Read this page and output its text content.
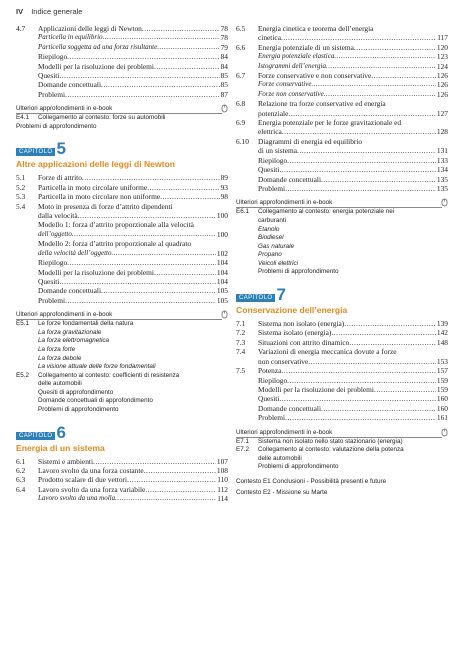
IV Indice generale
4.7	Applicazioni delle leggi di Newton .....	78
Particella in equilibrio .....	78
Particella soggetta ad una forza risultante .....	79
Riepilogo .....	84
Modelli per la risoluzione dei problemi .....	84
Quesiti .....	85
Domande concettuali .....	85
Problemi .....	87
Ulteriori approfondimenti in e-book
E4.1 Collegamento al contesto: forze su automobili
Problemi di approfondimento
CAPITOLO 5
Altre applicazioni delle leggi di Newton
5.1	Forze di attrito .....	89
5.2	Particella in moto circolare uniforme .....	93
5.3	Particella in moto circolare non uniforme .....	98
5.4	Moto in presenza di forze d’attrito dipendenti
dalla velocità .....	100
Modello 1: forza d’attrito proporzionale alla velocità
dell’oggetto .....	100
Modello 2: forza d’attrito proporzionale al quadrato
della velocità dell’oggetto .....	102
Riepilogo .....	104
Modelli per la risoluzione dei problemi .....	104
Quesiti .....	104
Domande concettuali .....	105
Problemi .....	105
Ulteriori approfondimenti in e-book
E5.1 Le forze fondamentali della natura
La forza gravitazionale
La forza elettromagnetica
La forza forte
La forza debole
La visione attuale delle forze fondamentali
E5.2 Collegamento al contesto: coefficienti di resistenza
delle automobili
Quesiti di approfondimento
Domande concettuali di approfondimento
Problemi di approfondimento
CAPITOLO 6
Energia di un sistema
6.1	Sistemi e ambienti .....	107
6.2	Lavoro svolto da una forza costante .....	108
6.3	Prodotto scalare di due vettori .....	110
6.4	Lavoro svolto da una forza variabile .....	112
Lavoro svolto da una molla .....	114
6.5	Energia cinetica e teorema dell’energia
cinetica .....	117
6.6	Energia potenziale di un sistema .....	120
Energia potenziale elastica .....	123
Istogrammi dell’energia .....	124
6.7	Forze conservative e non conservative .....	126
Forze conservative .....	126
Forze non conservative .....	126
6.8	Relazione tra forze conservative ed energia
potenziale .....	127
6.9	Energia potenziale per le forze gravitazionale ed
elettrica .....	128
6.10	Diagrammi di energia ed equilibrio
di un sistema .....	131
Riepilogo .....	133
Quesiti .....	134
Domande concettuali .....	135
Problemi .....	135
Ulteriori approfondimenti in e-book
E6.1 Collegamento al contesto: energia potenziale nei
carburanti
Etanolo
Biodiesel
Gas naturale
Propano
Veicoli elettrici
Problemi di approfondimento
CAPITOLO 7
Conservazione dell’energia
7.1	Sistema non isolato (energia) .....	139
7.2	Sistema isolato (energia) .....	142
7.3	Situazioni con attrito dinamico .....	148
7.4	Variazioni di energia meccanica dovute a forze
non conservative .....	153
7.5	Potenza .....	157
Riepilogo .....	159
Modelli per la risoluzione dei problemi .....	159
Quesiti .....	160
Domande concettuali .....	160
Problemi .....	161
Ulteriori approfondimenti in e-book
E7.1 Sistema non isolato nello stato stazionario (energia)
E7.2 Collegamento al contesto: valutazione della potenza
delle automobili
Problemi di approfondimento
Contesto E1 Conclusioni - Possibilità presenti e future
Contesto E2 - Missione su Marte
